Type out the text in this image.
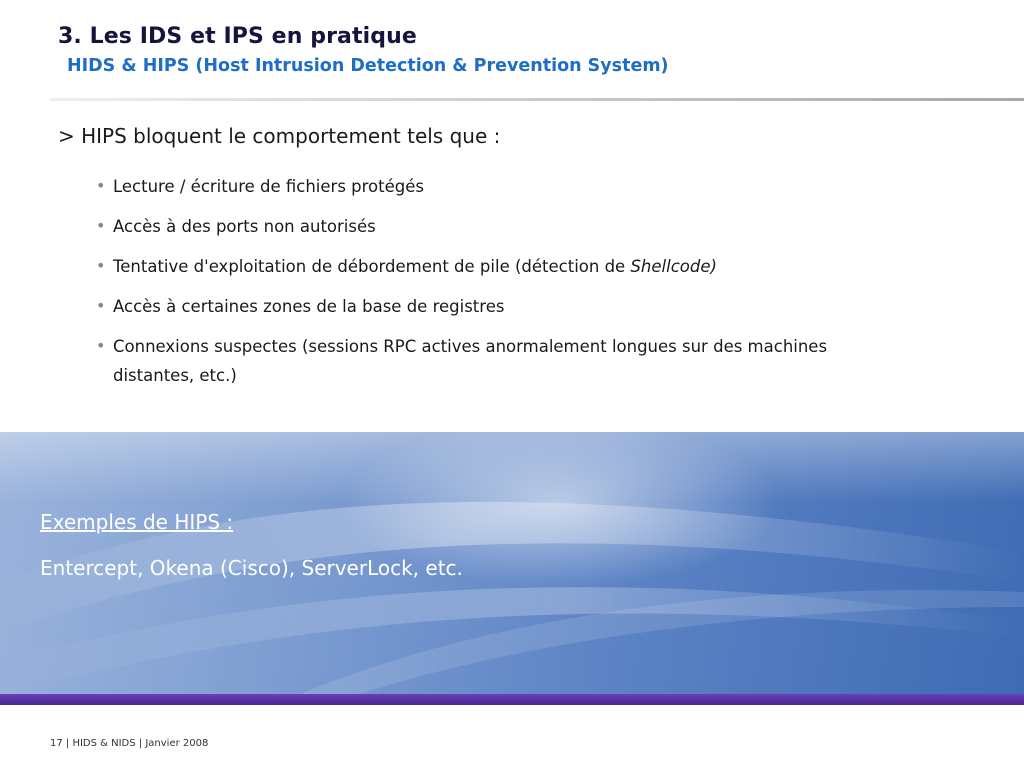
3. Les IDS et IPS en pratique
HIDS & HIPS (Host Intrusion Detection & Prevention System)
> HIPS bloquent le comportement tels que :
• Lecture / écriture de fichiers protégés
• Accès à des ports non autorisés
• Tentative d'exploitation de débordement de pile (détection de Shellcode)
• Accès à certaines zones de la base de registres
• Connexions suspectes (sessions RPC actives anormalement longues sur des machines distantes, etc.)
Exemples de HIPS :
Entercept, Okena (Cisco), ServerLock, etc.
17 | HIDS & NIDS | Janvier 2008
